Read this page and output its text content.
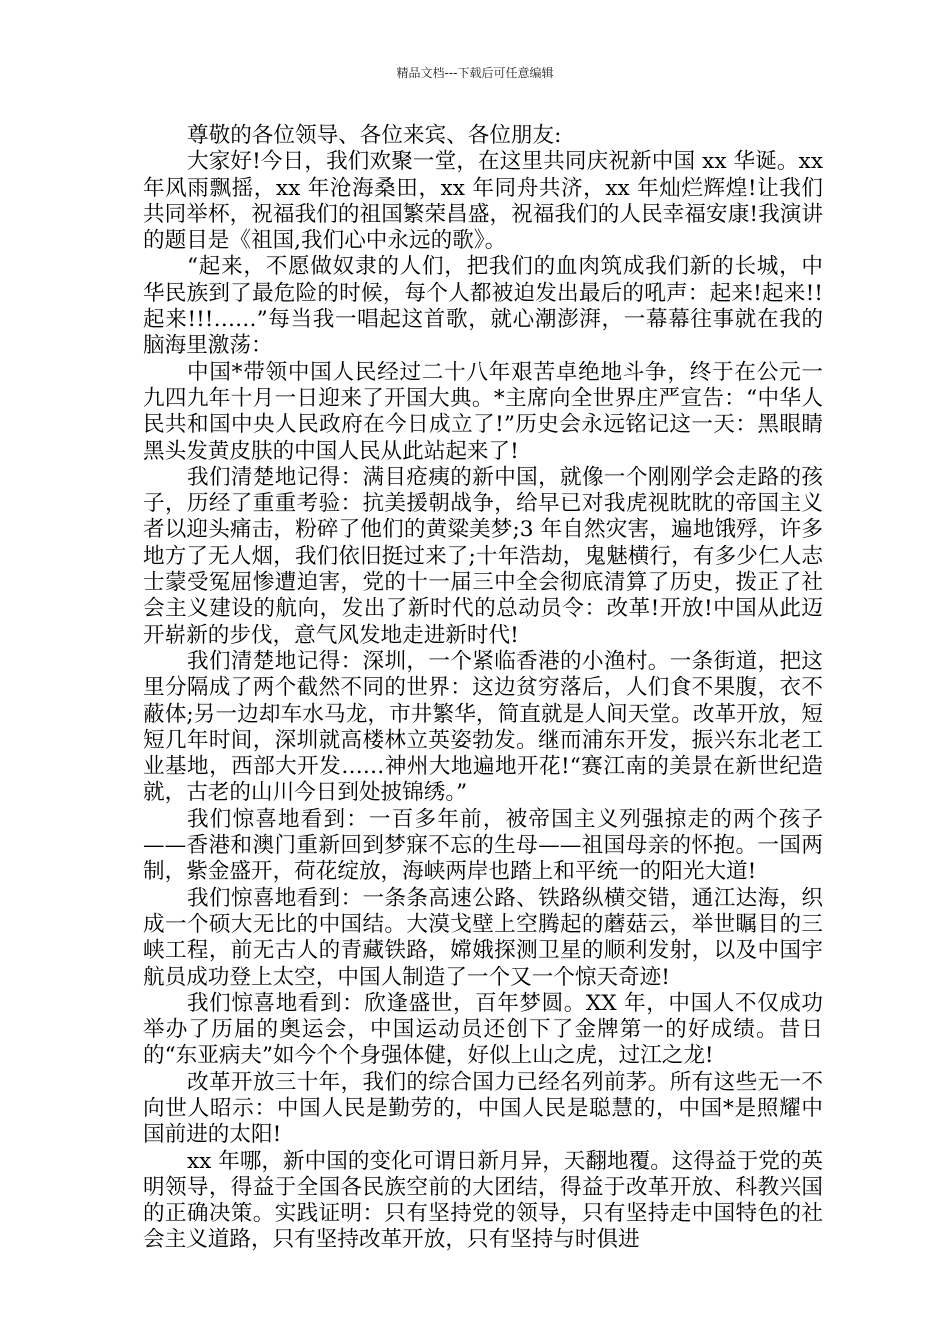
精品文档---下载后可任意编辑

尊敬的各位领导、各位来宾、各位朋友:

大家好!今日，我们欢聚一堂，在这里共同庆祝新中国 xx 华诞。xx 年风雨飘摇，xx 年沧海桑田，xx 年同舟共济，xx 年灿烂辉煌!让我们共同举杯，祝福我们的祖国繁荣昌盛，祝福我们的人民幸福安康!我演讲的题目是《祖国,我们心中永远的歌》。

“起来，不愿做奴隶的人们，把我们的血肉筑成我们新的长城，中华民族到了最危险的时候，每个人都被迫发出最后的吼声：起来!起来!!起来!!!……”每当我一唱起这首歌，就心潮澎湃，一幕幕往事就在我的脑海里激荡：

中国*带领中国人民经过二十八年艰苦卓绝地斗争，终于在公元一九四九年十月一日迎来了开国大典。*主席向全世界庄严宣告：“中华人民共和国中央人民政府在今日成立了!”历史会永远铭记这一天：黑眼睛黑头发黄皮肤的中国人民从此站起来了!

我们清楚地记得：满目疮痍的新中国，就像一个刚刚学会走路的孩子，历经了重重考验：抗美援朝战争，给早已对我虎视眈眈的帝国主义者以迎头痛击，粉碎了他们的黄粱美梦;3 年自然灾害，遍地饿殍，许多地方了无人烟，我们依旧挺过来了;十年浩劫，鬼魅横行，有多少仁人志士蒙受冤屈惨遭迫害，党的十一届三中全会彻底清算了历史，拨正了社会主义建设的航向，发出了新时代的总动员令：改革!开放!中国从此迈开崭新的步伐，意气风发地走进新时代!

我们清楚地记得：深圳，一个紧临香港的小渔村。一条街道，把这里分隔成了两个截然不同的世界：这边贫穷落后，人们食不果腹，衣不蔽体;另一边却车水马龙，市井繁华，简直就是人间天堂。改革开放，短短几年时间，深圳就高楼林立英姿勃发。继而浦东开发，振兴东北老工业基地，西部大开发……神州大地遍地开花!“赛江南的美景在新世纪造就，古老的山川今日到处披锦绣。”

我们惊喜地看到：一百多年前，被帝国主义列强掠走的两个孩子——香港和澳门重新回到梦寐不忘的生母——祖国母亲的怀抱。一国两制，紫金盛开，荷花绽放，海峡两岸也踏上和平统一的阳光大道!

我们惊喜地看到：一条条高速公路、铁路纵横交错，通江达海，织成一个硕大无比的中国结。大漠戈壁上空腾起的蘑菇云，举世瞩目的三峡工程，前无古人的青藏铁路，嫦娥探测卫星的顺利发射，以及中国宇航员成功登上太空，中国人制造了一个又一个惊天奇迹!

我们惊喜地看到：欣逢盛世，百年梦圆。XX 年，中国人不仅成功举办了历届的奥运会，中国运动员还创下了金牌第一的好成绩。昔日的“东亚病夫”如今个个身强体健，好似上山之虎，过江之龙!

改革开放三十年，我们的综合国力已经名列前茅。所有这些无一不向世人昭示：中国人民是勤劳的，中国人民是聪慧的，中国*是照耀中国前进的太阳!

xx 年哪，新中国的变化可谓日新月异，天翻地覆。这得益于党的英明领导，得益于全国各民族空前的大团结，得益于改革开放、科教兴国的正确决策。实践证明：只有坚持党的领导，只有坚持走中国特色的社会主义道路，只有坚持改革开放，只有坚持与时俱进
